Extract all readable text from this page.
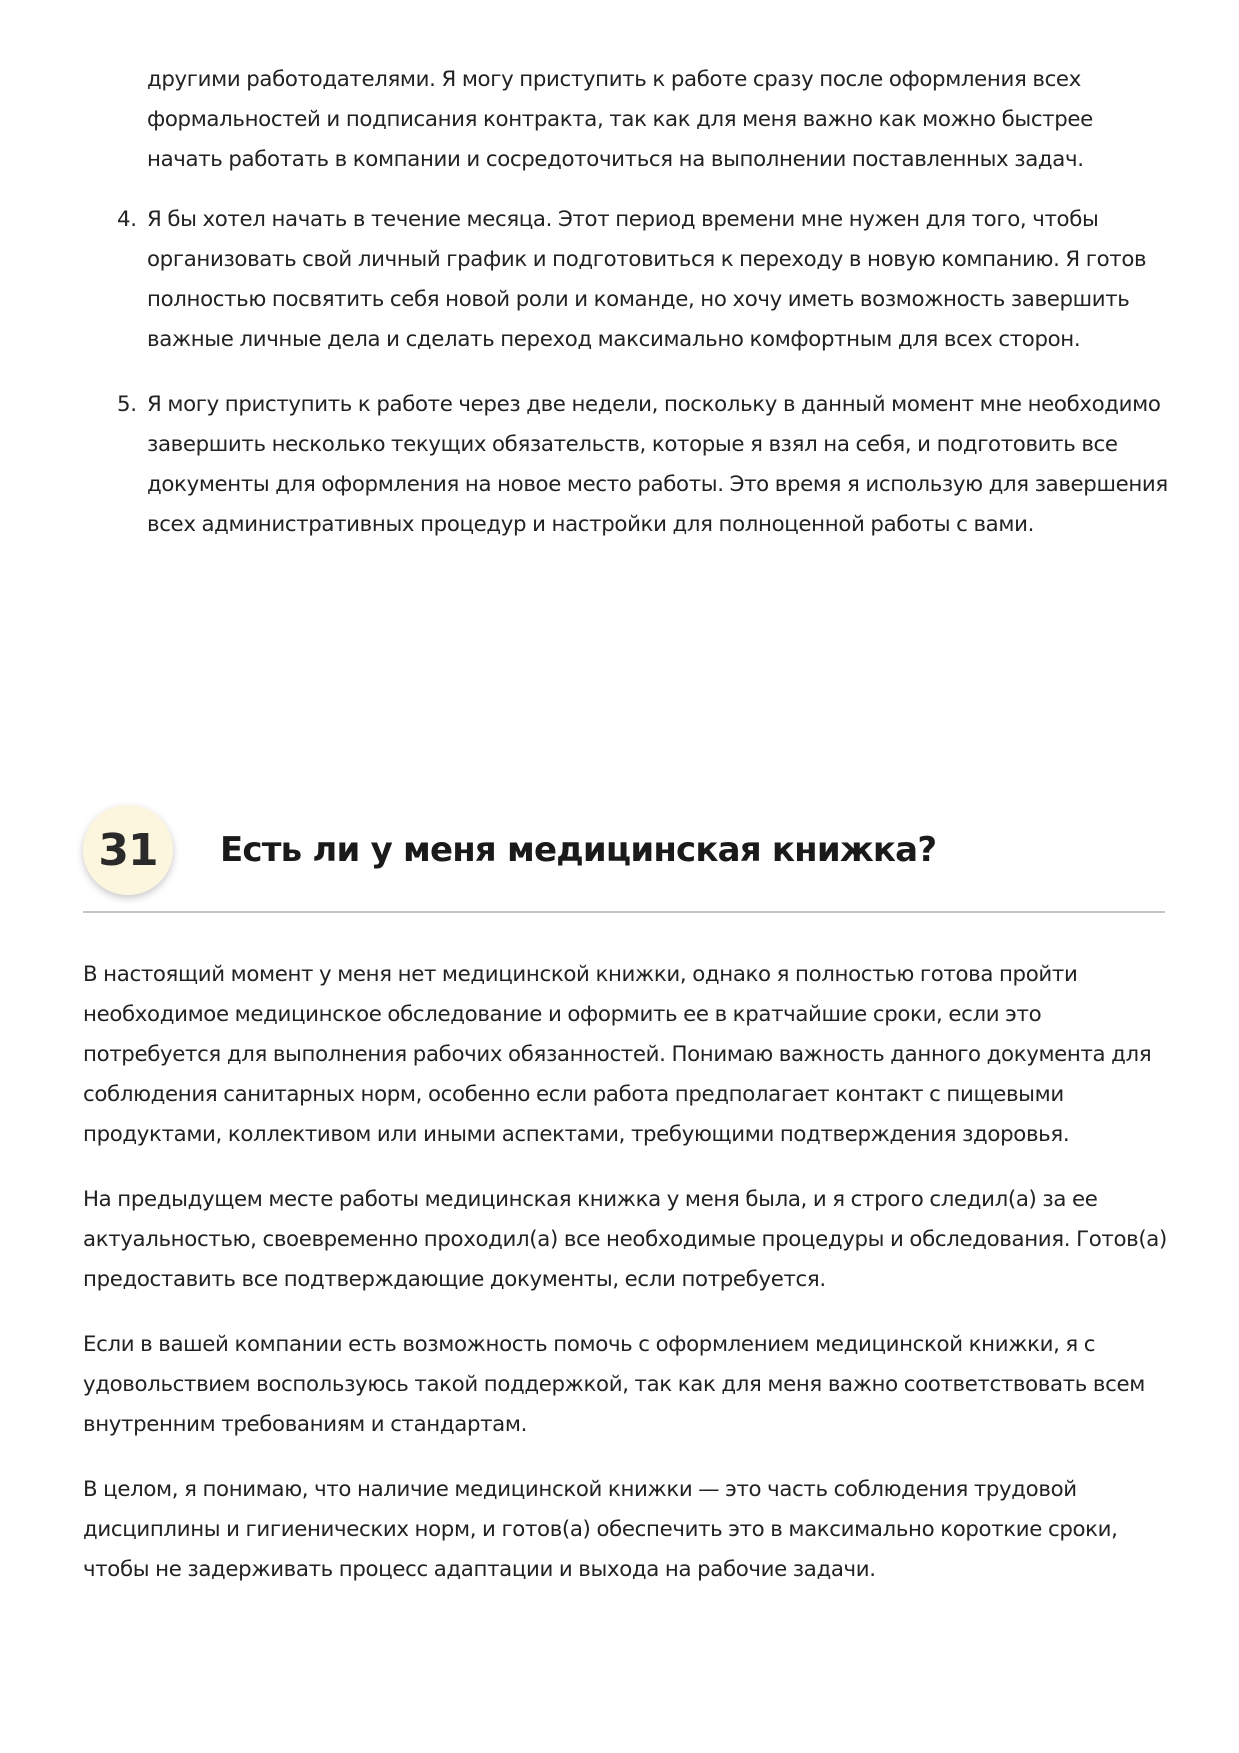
другими работодателями. Я могу приступить к работе сразу после оформления всех формальностей и подписания контракта, так как для меня важно как можно быстрее начать работать в компании и сосредоточиться на выполнении поставленных задач.

4. Я бы хотел начать в течение месяца. Этот период времени мне нужен для того, чтобы организовать свой личный график и подготовиться к переходу в новую компанию. Я готов полностью посвятить себя новой роли и команде, но хочу иметь возможность завершить важные личные дела и сделать переход максимально комфортным для всех сторон.
5. Я могу приступить к работе через две недели, поскольку в данный момент мне необходимо завершить несколько текущих обязательств, которые я взял на себя, и подготовить все документы для оформления на новое место работы. Это время я использую для завершения всех административных процедур и настройки для полноценной работы с вами.
31	Есть ли у меня медицинская книжка?

В настоящий момент у меня нет медицинской книжки, однако я полностью готова пройти необходимое медицинское обследование и оформить ее в кратчайшие сроки, если это потребуется для выполнения рабочих обязанностей. Понимаю важность данного документа для соблюдения санитарных норм, особенно если работа предполагает контакт с пищевыми продуктами, коллективом или иными аспектами, требующими подтверждения здоровья.

На предыдущем месте работы медицинская книжка у меня была, и я строго следил(а) за ее актуальностью, своевременно проходил(а) все необходимые процедуры и обследования. Готов(а) предоставить все подтверждающие документы, если потребуется.

Если в вашей компании есть возможность помочь с оформлением медицинской книжки, я с удовольствием воспользуюсь такой поддержкой, так как для меня важно соответствовать всем внутренним требованиям и стандартам.

В целом, я понимаю, что наличие медицинской книжки — это часть соблюдения трудовой дисциплины и гигиенических норм, и готов(а) обеспечить это в максимально короткие сроки, чтобы не задерживать процесс адаптации и выхода на рабочие задачи.
